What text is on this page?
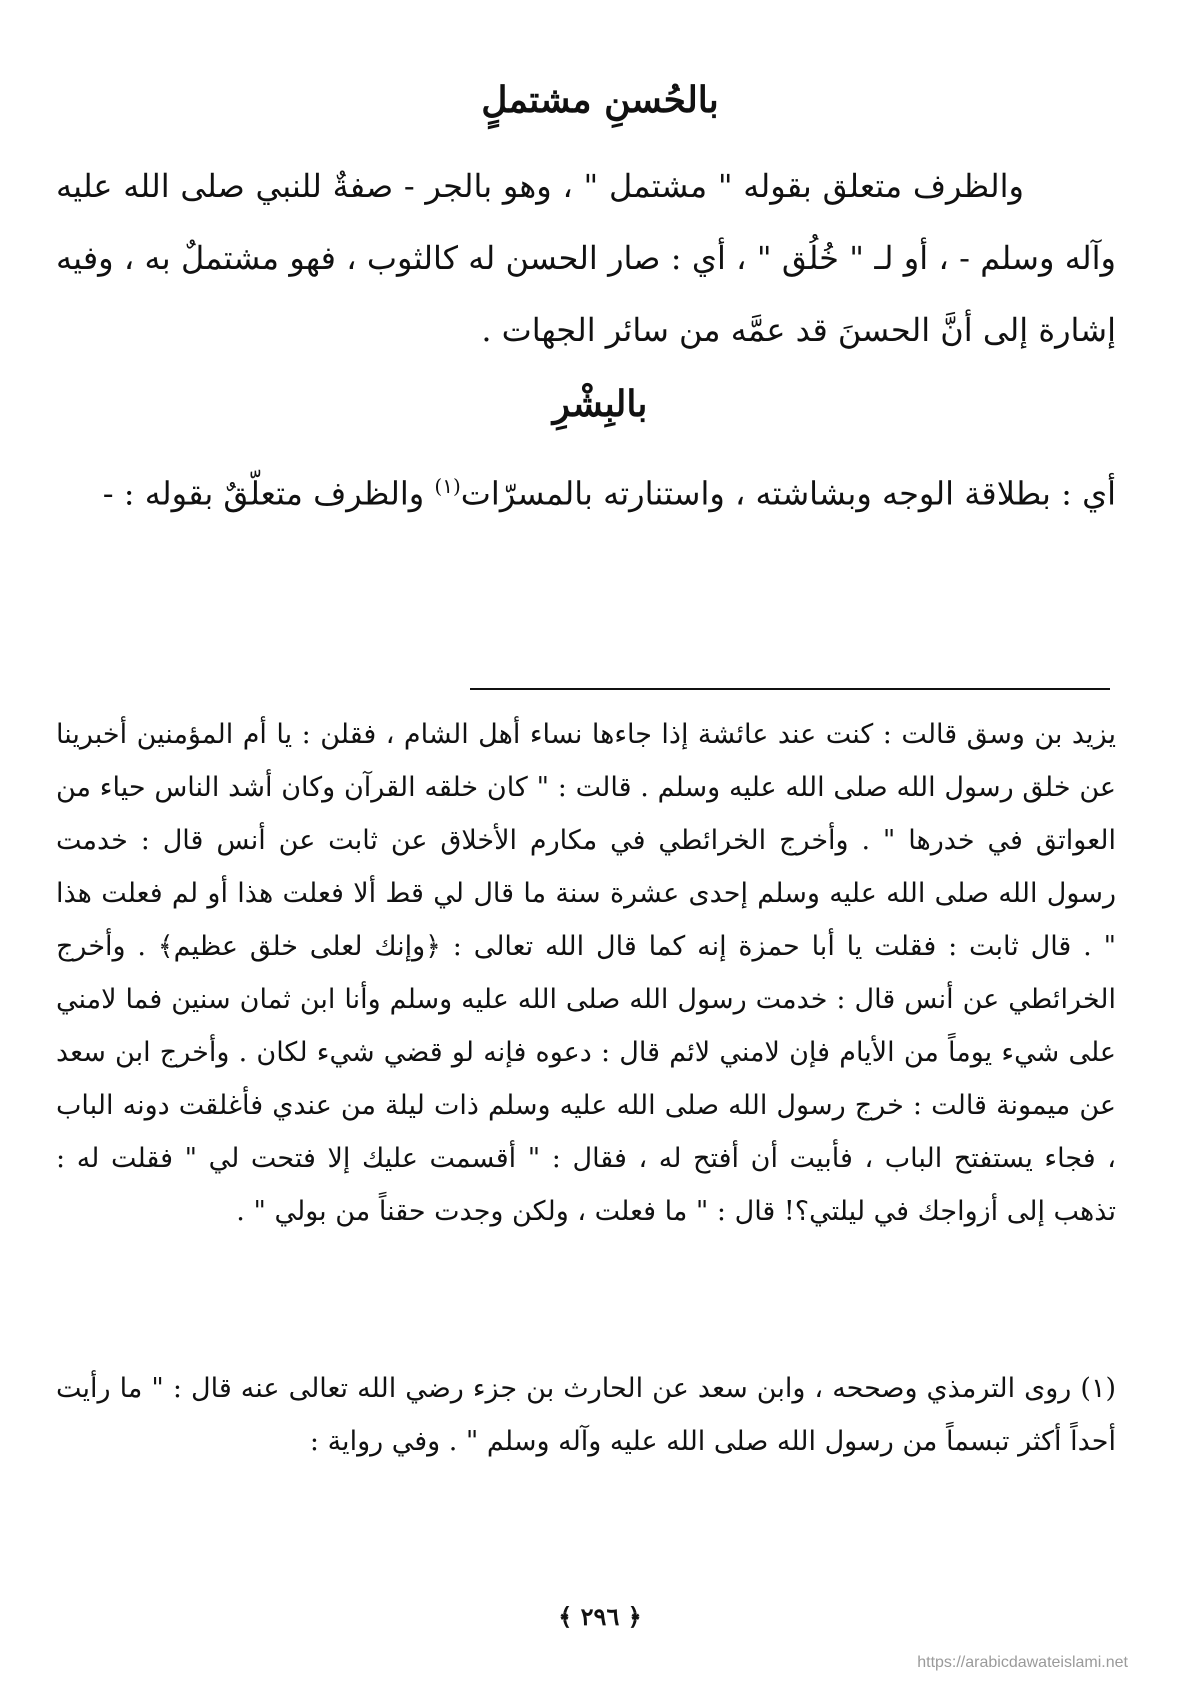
بالحُسنِ مشتملٍ

والظرف متعلق بقوله " مشتمل " ، وهو بالجر - صفةٌ للنبي صلى الله عليه وآله وسلم - ، أو لـ " خُلُق " ، أي : صار الحسن له كالثوب ، فهو مشتملٌ به ، وفيه إشارة إلى أنَّ الحسنَ قد عمَّه من سائر الجهات .

بالبِشْرِ

أي : بطلاقة الوجه وبشاشته ، واستنارته بالمسرّات$^{(١)}$ والظرف متعلّقٌ بقوله : -

يزيد بن وسق قالت : كنت عند عائشة إذا جاءها نساء أهل الشام ، فقلن : يا أم المؤمنين أخبرينا عن خلق رسول الله صلى الله عليه وسلم . قالت : " كان خلقه القرآن وكان أشد الناس حياء من العواتق في خدرها " . وأخرج الخرائطي في مكارم الأخلاق عن ثابت عن أنس قال : خدمت رسول الله صلى الله عليه وسلم إحدى عشرة سنة ما قال لي قط ألا فعلت هذا أو لم فعلت هذا " . قال ثابت : فقلت يا أبا حمزة إنه كما قال الله تعالى : ﴿وإنك لعلى خلق عظيم﴾ . وأخرج الخرائطي عن أنس قال : خدمت رسول الله صلى الله عليه وسلم وأنا ابن ثمان سنين فما لامني على شيء يوماً من الأيام فإن لامني لائم قال : دعوه فإنه لو قضي شيء لكان . وأخرج ابن سعد عن ميمونة قالت : خرج رسول الله صلى الله عليه وسلم ذات ليلة من عندي فأغلقت دونه الباب ، فجاء يستفتح الباب ، فأبيت أن أفتح له ، فقال : " أقسمت عليك إلا فتحت لي " فقلت له : تذهب إلى أزواجك في ليلتي؟! قال : " ما فعلت ، ولكن وجدت حقناً من بولي " .

(١) روى الترمذي وصححه ، وابن سعد عن الحارث بن جزء رضي الله تعالى عنه قال : " ما رأيت أحداً أكثر تبسماً من رسول الله صلى الله عليه وآله وسلم " . وفي رواية :

﴿ ٢٩٦ ﴾
https://arabicdawateislami.net
